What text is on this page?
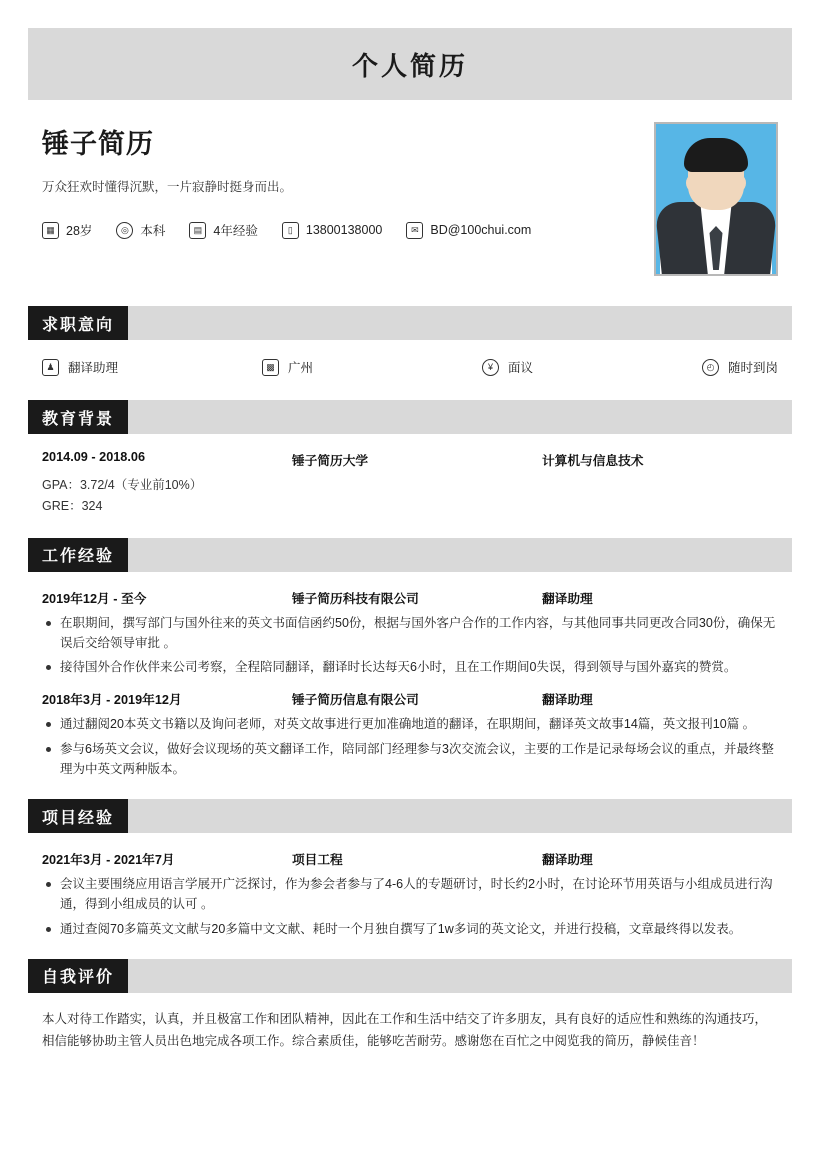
个人简历
锤子简历
万众狂欢时懂得沉默，一片寂静时挺身而出。
▦ 28岁	◎ 本科	▤ 4年经验	▯	13800138000	✉ BD@100chui.com
求职意向
♟	翻译助理	▩	广州	¥	面议	◴	随时到岗
教育背景
2014.09 - 2018.06	锤子简历大学	计算机与信息技术
GPA：3.72/4（专业前10%）
GRE：324
工作经验
2019年12月 - 至今	锤子简历科技有限公司	翻译助理
在职期间，撰写部门与国外往来的英文书面信函约50份，根据与国外客户合作的工作内容，与其他同事共同更改合同30份，确保无误后交给领导审批 。
接待国外合作伙伴来公司考察，全程陪同翻译，翻译时长达每天6小时，且在工作期间0失误，得到领导与国外嘉宾的赞赏。
2018年3月 - 2019年12月	锤子简历信息有限公司	翻译助理
通过翻阅20本英文书籍以及询问老师，对英文故事进行更加准确地道的翻译，在职期间，翻译英文故事14篇，英文报刊10篇 。
参与6场英文会议，做好会议现场的英文翻译工作，陪同部门经理参与3次交流会议，主要的工作是记录每场会议的重点，并最终整理为中英文两种版本。
项目经验
2021年3月 - 2021年7月	项目工程	翻译助理
会议主要围绕应用语言学展开广泛探讨，作为参会者参与了4-6人的专题研讨，时长约2小时，在讨论环节用英语与小组成员进行沟通，得到小组成员的认可 。
通过查阅70多篇英文文献与20多篇中文文献、耗时一个月独自撰写了1w多词的英文论文，并进行投稿，文章最终得以发表。
自我评价
本人对待工作踏实，认真，并且极富工作和团队精神，因此在工作和生活中结交了许多朋友，具有良好的适应性和熟练的沟通技巧，相信能够协助主管人员出色地完成各项工作。综合素质佳，能够吃苦耐劳。感谢您在百忙之中阅览我的简历，静候佳音！
